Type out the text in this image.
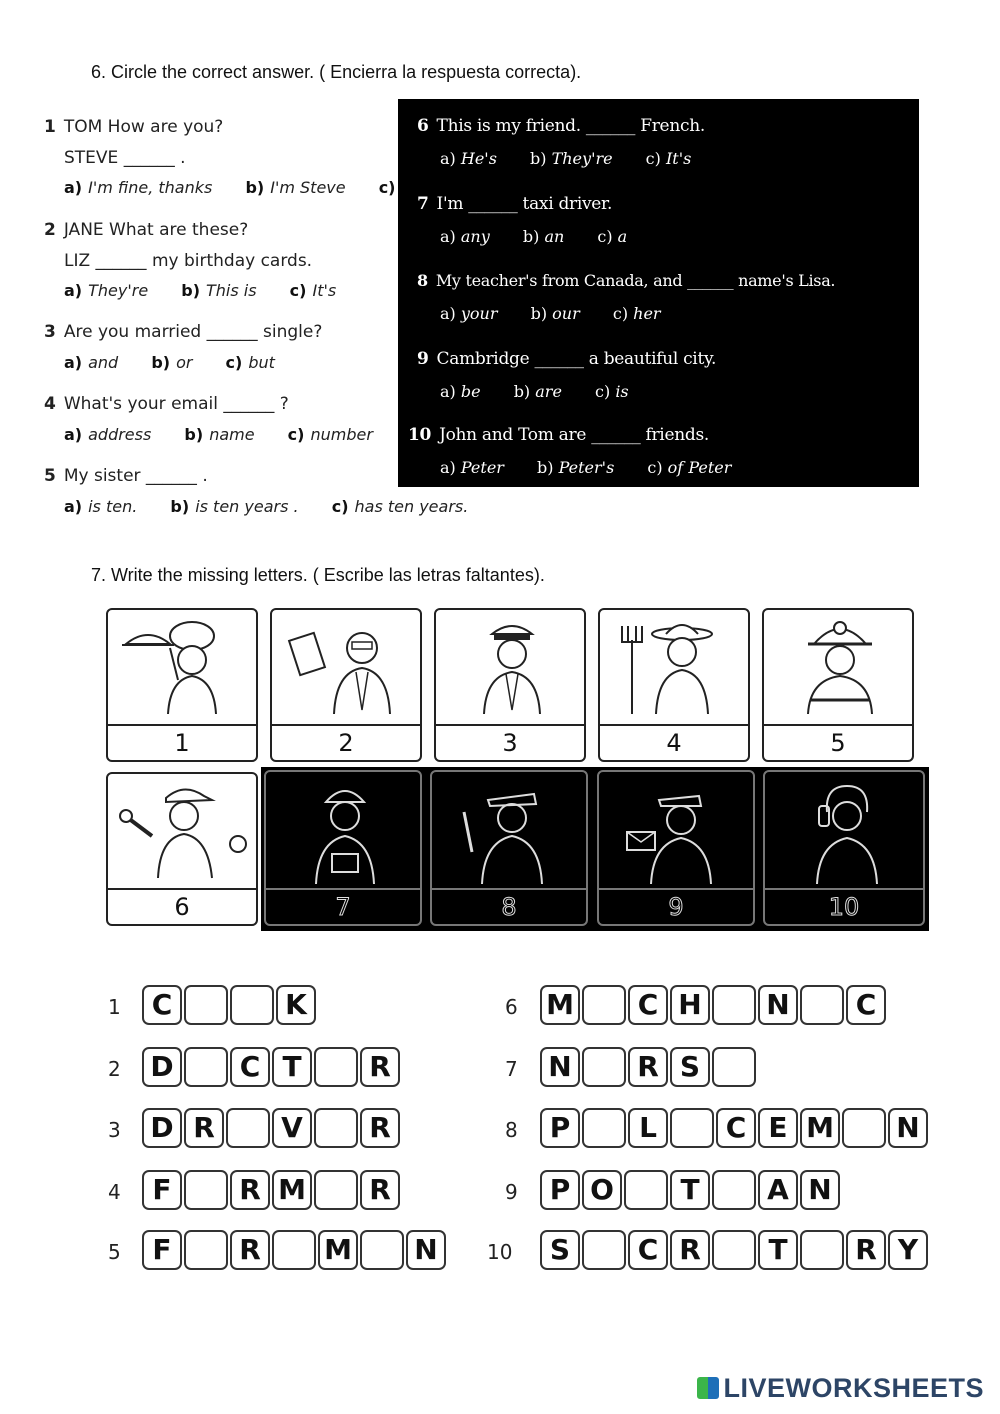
6. Circle the correct answer. ( Encierra la respuesta correcta).
1 TOM How are you?
STEVE ______ .
a) I'm fine, thanks b) I'm Steve c)
2 JANE What are these?
LIZ ______ my birthday cards.
a) They're b) This is c) It's
3 Are you married ______ single?
a) and b) or c) but
4 What's your email ______ ?
a) address b) name c) number
5 My sister ______ .
a) is ten. b) is ten years . c) has ten years.
6 This is my friend. ______ French.
a) He's b) They're c) It's
7 I'm ______ taxi driver.
a) any b) an c) a
8 My teacher's from Canada, and ______ name's Lisa.
a) your b) our c) her
9 Cambridge ______ a beautiful city.
a) be b) are c) is
10 John and Tom are ______ friends.
a) Peter b) Peter's c) of Peter
7. Write the missing letters. ( Escribe las letras faltantes).
1	2	3	4	5
6	7	8	9	10
1	C	K
2 D	C T	R
3 D R	V	R
4	F	R M	R
5	F	R	M N
6 M	C H N	C
7 N	R S
8	P	L	C E M N
9	P O	T	A N
10	S	C R	T	R Y
LIVEWORKSHEETS
